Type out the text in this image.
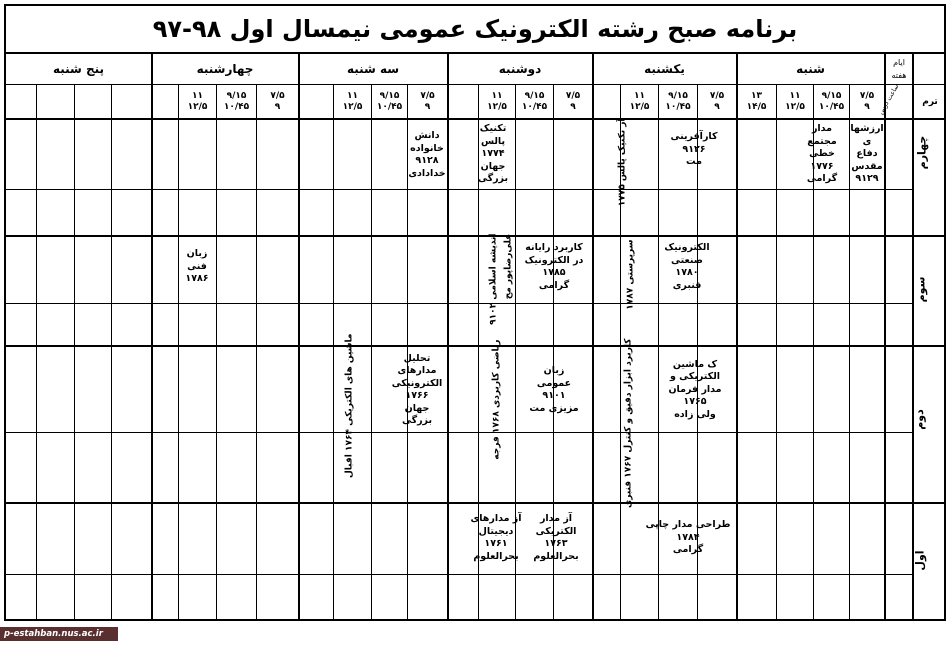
برنامه صبح رشته الکترونیک عمومی نیمسال اول ۹۸-۹۷
ایام هفته
شنبه
یکشنبه
دوشنبه
سه شنبه
چهارشنبه
پنج شنبه
ترم
ساعت درس
۷/۵
۹
۹/۱۵
۱۰/۴۵
۱۱
۱۲/۵
۱۳
۱۴/۵
۷/۵
۹
۹/۱۵
۱۰/۴۵
۱۱
۱۲/۵
۷/۵
۹
۹/۱۵
۱۰/۴۵
۱۱
۱۲/۵
۷/۵
۹
۹/۱۵
۱۰/۴۵
۱۱
۱۲/۵
۷/۵
۹
۹/۱۵
۱۰/۴۵
۱۱
۱۲/۵
چهارم
سوم
دوم
اول
ارزشها
ی
دفاع
مقدس
۹۱۲۹
مدار
مجتمع
خطی
۱۷۷۶
گرامی
کارآفرینی
۹۱۲۶
مت
آز تکنیک پالس ۱۷۷۵
تکنیک
پالس
۱۷۷۴
جهان
بزرگی
دانش
خانواده
۹۱۲۸
خدادادی
الکترونیک
صنعتی
۱۷۸۰
قنبری
سرپرستی ۱۷۸۷
کاربرد رایانه
در الکترونیک
۱۷۸۵
گرامی
علی‌رضاپور مح
اندیشه اسلامی ۹۱۰۲
زبان
فنی
۱۷۸۶
ک ماشین
الکتریکی و
مدار فرمان
۱۷۶۵
ولی زاده
کاربرد ابزار دقیق و کنترل ۱۷۶۷ قنبری
زبان
عمومی
۹۱۰۱
مزیزی مت
ریاضی کاربردی ۱۷۶۸ فرجه
تحلیل
مدارهای
الکترونیکی
۱۷۶۶
جهان
بزرگی
ماشین های الکتریکی ۱۷۶۴ اقبال
طراحی مدار چاپی
۱۷۸۴
گرامی
آز مدار
الکتریکی
۱۷۶۳
بحرالعلوم
آز مدارهای
دیجیتال
۱۷۶۱
بحرالعلوم
p-estahban.nus.ac.ir
